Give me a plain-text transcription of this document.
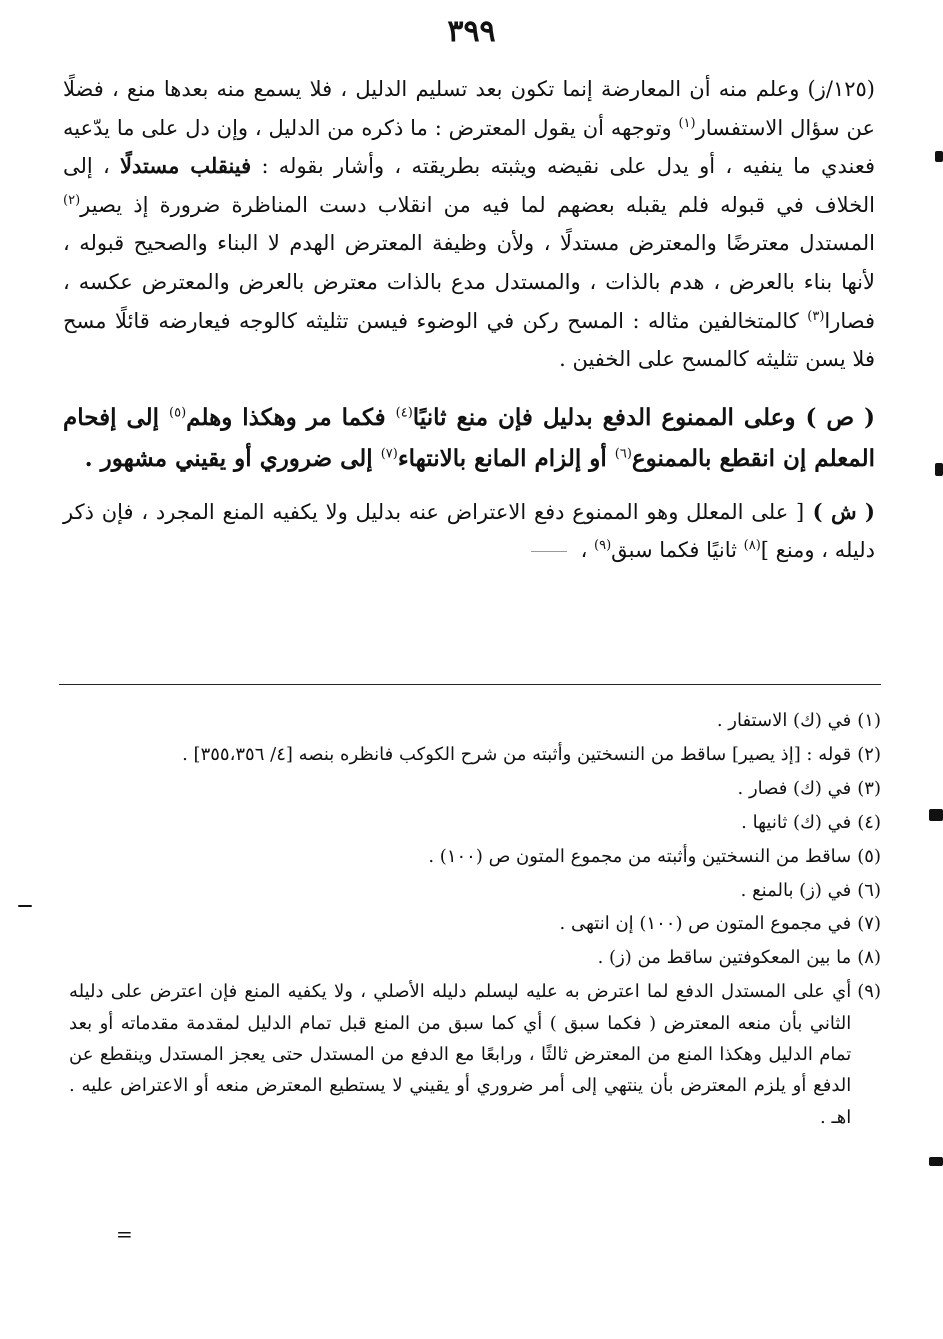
٣٩٩

(١٢٥/ز) وعلم منه أن المعارضة إنما تكون بعد تسليم الدليل ، فلا يسمع منه بعدها منع ، فضلًا عن سؤال الاستفسار$^{(١)}$ وتوجهه أن يقول المعترض : ما ذكره من الدليل ، وإن دل على ما يدّعيه فعندي ما ينفيه ، أو يدل على نقيضه ويثبته بطريقته ، وأشار بقوله : فينقلب مستدلًا ، إلى الخلاف في قبوله فلم يقبله بعضهم لما فيه من انقلاب دست المناظرة ضرورة إذ يصير$^{(٢)}$ المستدل معترضًا والمعترض مستدلًا ، ولأن وظيفة المعترض الهدم لا البناء والصحيح قبوله ، لأنها بناء بالعرض ، هدم بالذات ، والمستدل مدع بالذات معترض بالعرض والمعترض عكسه ، فصارا$^{(٣)}$ كالمتخالفين مثاله : المسح ركن في الوضوء فيسن تثليثه كالوجه فيعارضه قائلًا مسح فلا يسن تثليثه كالمسح على الخفين .

( ص ) وعلى الممنوع الدفع بدليل فإن منع ثانيًا$^{(٤)}$ فكما مر وهكذا وهلم$^{(٥)}$ إلى إفحام المعلم إن انقطع بالممنوع$^{(٦)}$ أو إلزام المانع بالانتهاء$^{(٧)}$ إلى ضروري أو يقيني مشهور .

( ش ) [ على المعلل وهو الممنوع دفع الاعتراض عنه بدليل ولا يكفيه المنع المجرد ، فإن ذكر دليله ، ومنع ]$^{(٨)}$ ثانيًا فكما سبق$^{(٩)}$ ،

(١)
في (ك) الاستفار .
(٢)
قوله : [إذ يصير] ساقط من النسختين وأثبته من شرح الكوكب فانظره بنصه [٤/ ٣٥٥،٣٥٦] .
(٣)
في (ك) فصار .
(٤)
في (ك) ثانيها .
(٥)
ساقط من النسختين وأثبته من مجموع المتون ص (١٠٠) .
(٦)
في (ز) بالمنع .
(٧)
في مجموع المتون ص (١٠٠) إن انتهى .
(٨)
ما بين المعكوفتين ساقط من (ز) .
(٩)
أي على المستدل الدفع لما اعترض به عليه ليسلم دليله الأصلي ، ولا يكفيه المنع فإن اعترض على دليله الثاني بأن منعه المعترض ( فكما سبق ) أي كما سبق من المنع قبل تمام الدليل لمقدمة مقدماته أو بعد تمام الدليل وهكذا المنع من المعترض ثالثًا ، ورابعًا مع الدفع من المستدل حتى يعجز المستدل وينقطع عن الدفع أو يلزم المعترض بأن ينتهي إلى أمر ضروري أو يقيني لا يستطيع المعترض منعه أو الاعتراض عليه . اهـ .
=
